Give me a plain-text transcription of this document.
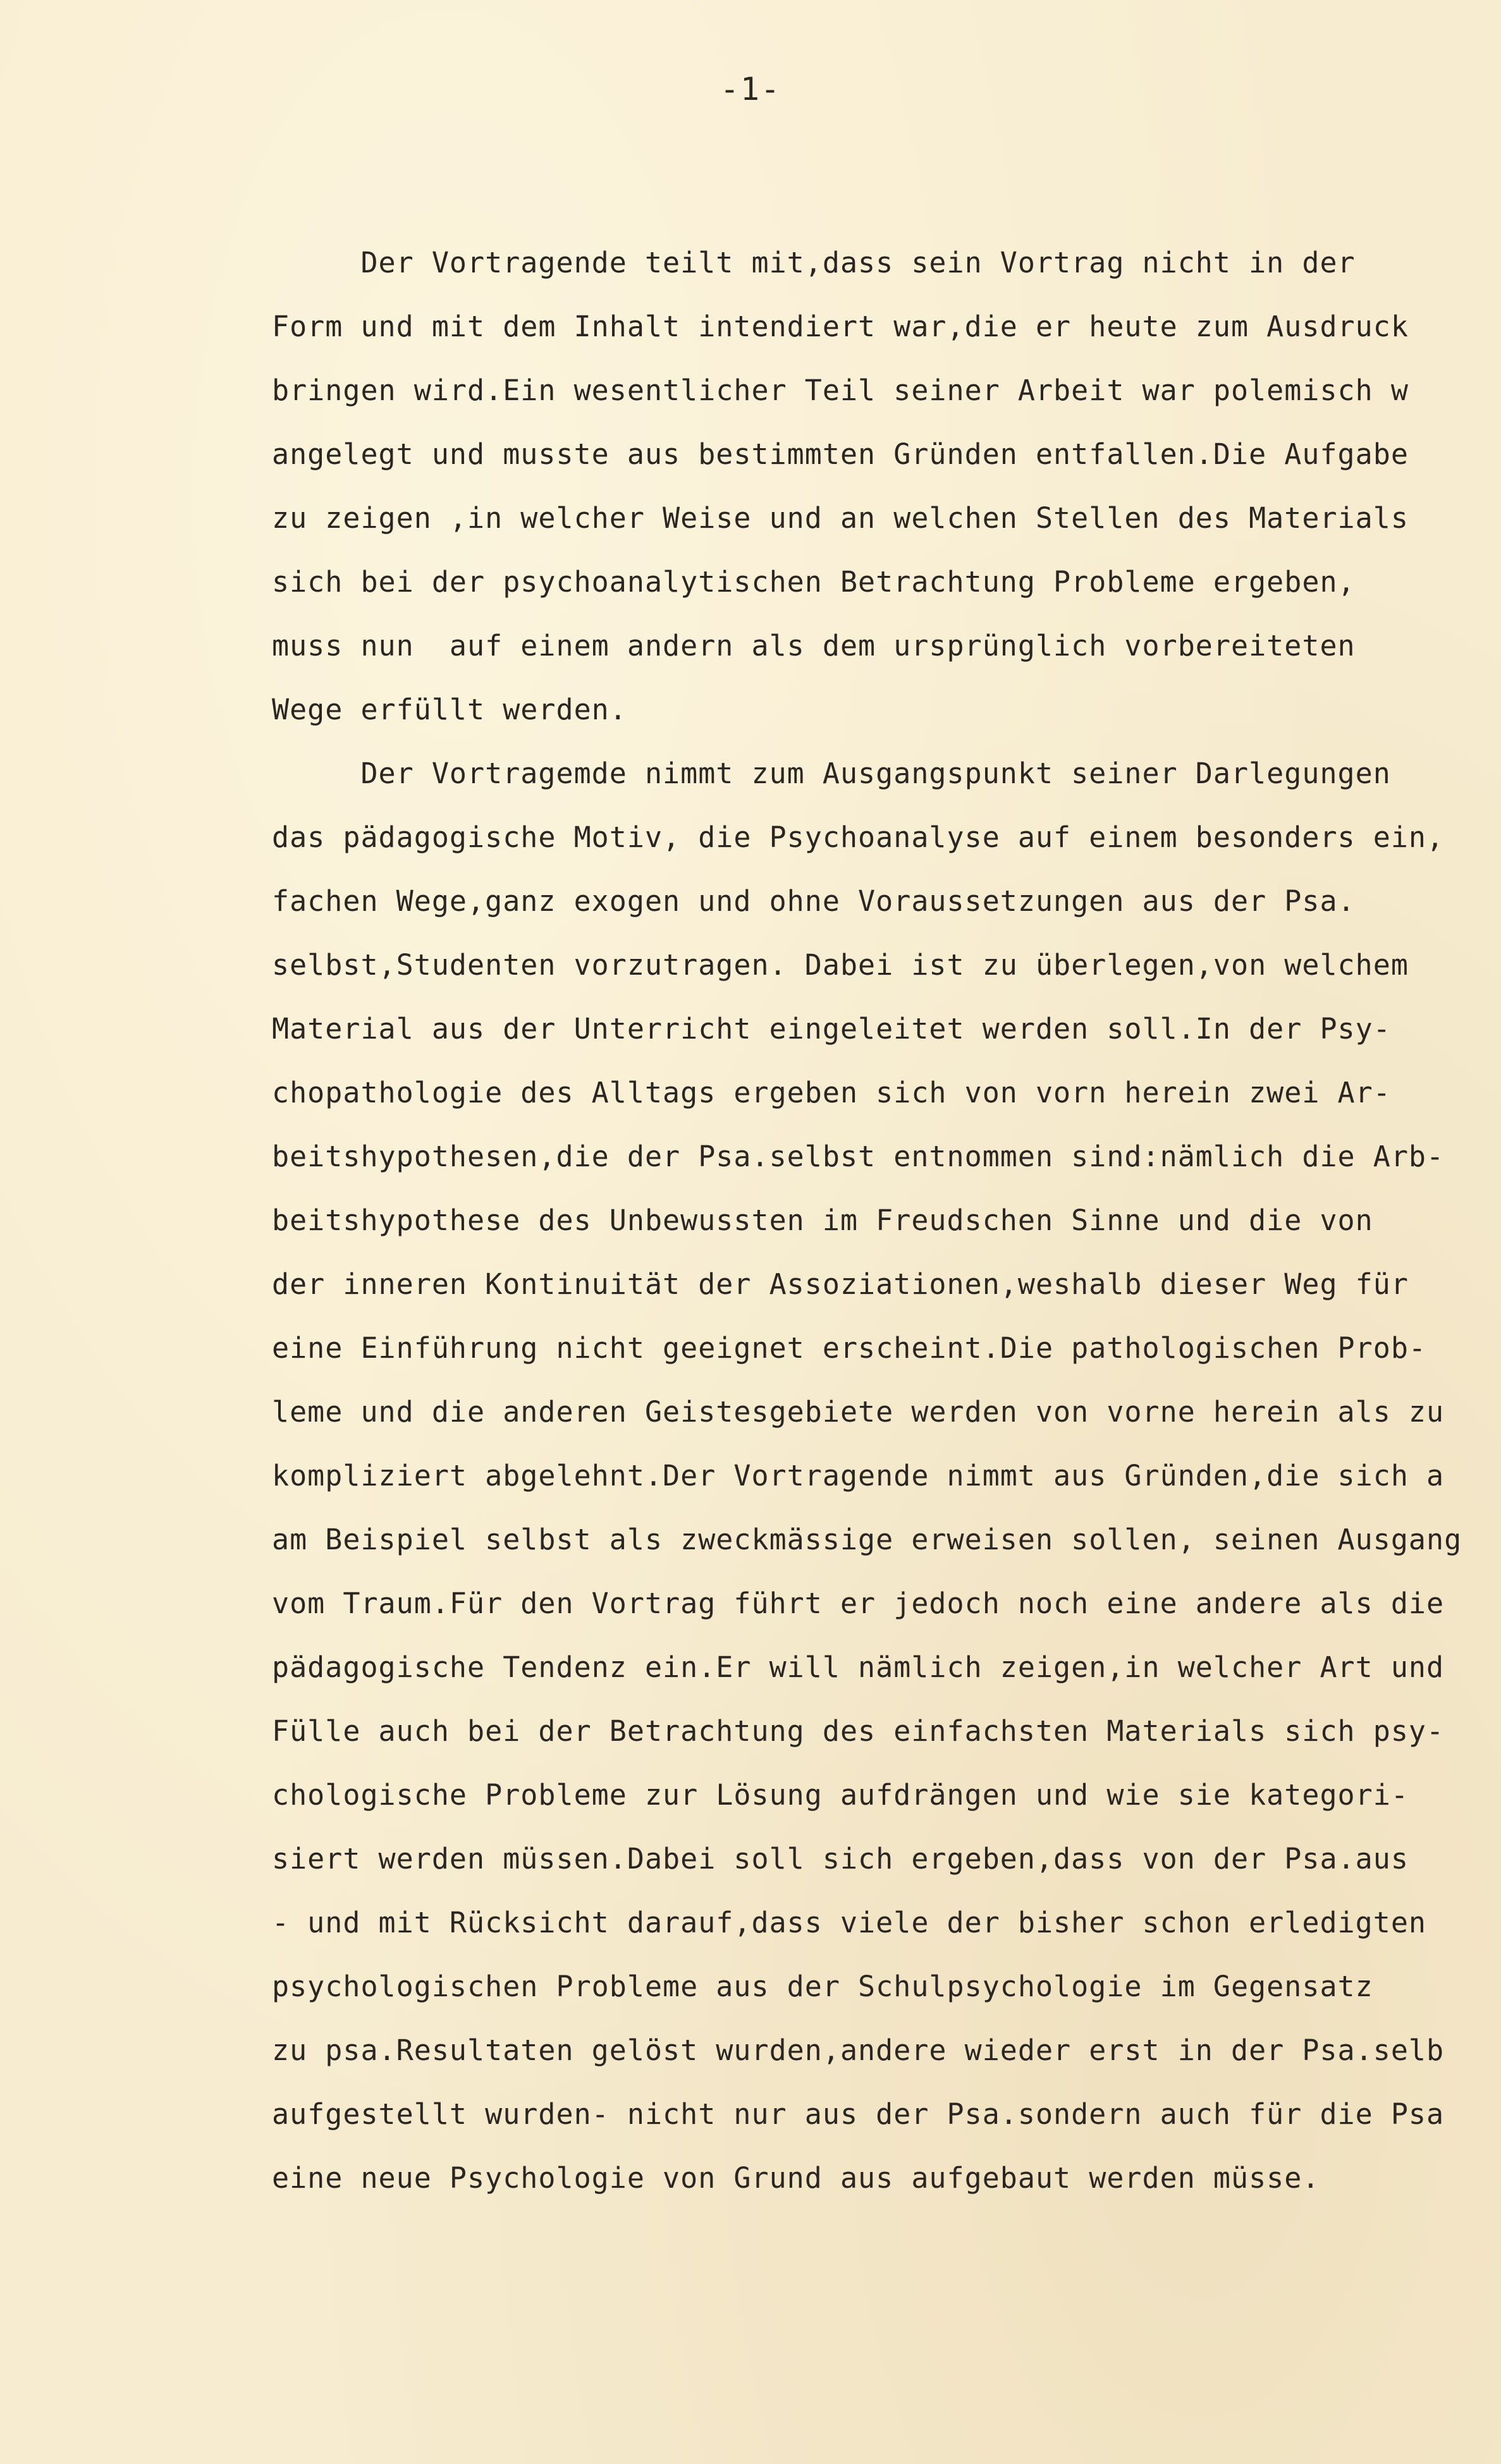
-1-
Der Vortragende teilt mit,dass sein Vortrag nicht in der
Form und mit dem Inhalt intendiert war,die er heute zum Ausdruck
bringen wird.Ein wesentlicher Teil seiner Arbeit war polemisch w
angelegt und musste aus bestimmten Gründen entfallen.Die Aufgabe
zu zeigen ,in welcher Weise und an welchen Stellen des Materials
sich bei der psychoanalytischen Betrachtung Probleme ergeben,
muss nun  auf einem andern als dem ursprünglich vorbereiteten
Wege erfüllt werden.
Der Vortragemde nimmt zum Ausgangspunkt seiner Darlegungen
das pädagogische Motiv, die Psychoanalyse auf einem besonders ein,
fachen Wege,ganz exogen und ohne Voraussetzungen aus der Psa.
selbst,Studenten vorzutragen. Dabei ist zu überlegen,von welchem
Material aus der Unterricht eingeleitet werden soll.In der Psy-
chopathologie des Alltags ergeben sich von vorn herein zwei Ar-
beitshypothesen,die der Psa.selbst entnommen sind:nämlich die Arb-
beitshypothese des Unbewussten im Freudschen Sinne und die von
der inneren Kontinuität der Assoziationen,weshalb dieser Weg für
eine Einführung nicht geeignet erscheint.Die pathologischen Prob-
leme und die anderen Geistesgebiete werden von vorne herein als zu
kompliziert abgelehnt.Der Vortragende nimmt aus Gründen,die sich a
am Beispiel selbst als zweckmässige erweisen sollen, seinen Ausgang
vom Traum.Für den Vortrag führt er jedoch noch eine andere als die
pädagogische Tendenz ein.Er will nämlich zeigen,in welcher Art und
Fülle auch bei der Betrachtung des einfachsten Materials sich psy-
chologische Probleme zur Lösung aufdrängen und wie sie kategori-
siert werden müssen.Dabei soll sich ergeben,dass von der Psa.aus
- und mit Rücksicht darauf,dass viele der bisher schon erledigten
psychologischen Probleme aus der Schulpsychologie im Gegensatz
zu psa.Resultaten gelöst wurden,andere wieder erst in der Psa.selb
aufgestellt wurden- nicht nur aus der Psa.sondern auch für die Psa
eine neue Psychologie von Grund aus aufgebaut werden müsse.
